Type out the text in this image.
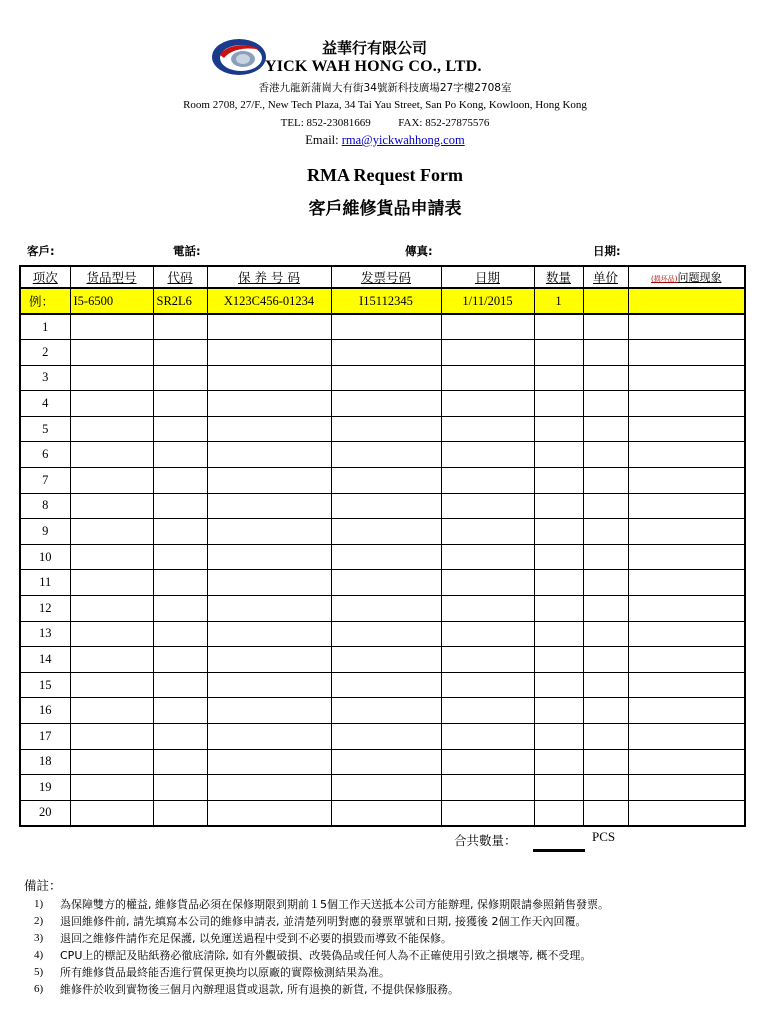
益華行有限公司
YICK WAH HONG CO., LTD.
香港九龍新蒲崗大有街34號新科技廣場27字樓2708室
Room 2708, 27/F., New Tech Plaza, 34 Tai Yau Street, San Po Kong, Kowloon, Hong Kong
TEL: 852-23081669	FAX: 852-27875576
Email: rma@yickwahhong.com
RMA Request Form
客戶維修貨品申請表
客戶:	電話:	傳真:	日期:
项次	货品型号	代码	保 养 号 码	发票号码	日期	数量	单价	(损坏品)问题现象
例：	I5-6500	SR2L6	X123C456-01234	I15112345	1/11/2015	1		
1								
2								
3								
4								
5								
6								
7								
8								
9								
10								
11								
12								
13								
14								
15								
16								
17								
18								
19								
20								
合共數量：	PCS
備註：
1)	為保障雙方的權益, 維修貨品必須在保修期限到期前１5個工作天送抵本公司方能辦理, 保修期限請參照銷售發票。
2)	退回維修件前, 請先填寫本公司的維修申請表, 並清楚列明對應的發票單號和日期, 接獲後 2個工作天內回覆。
3)	退回之維修件請作充足保護, 以免運送過程中受到不必要的損毀而導致不能保修。
4)	CPU上的標記及貼紙務必徹底清除, 如有外觀破損、改裝偽品或任何人為不正確使用引致之損壞等, 概不受理。
5)	所有維修貨品最終能否進行質保更換均以原廠的實際檢測結果為准。
6)	維修件於收到實物後三個月內辦理退貨或退款, 所有退換的新貨, 不提供保修服務。
